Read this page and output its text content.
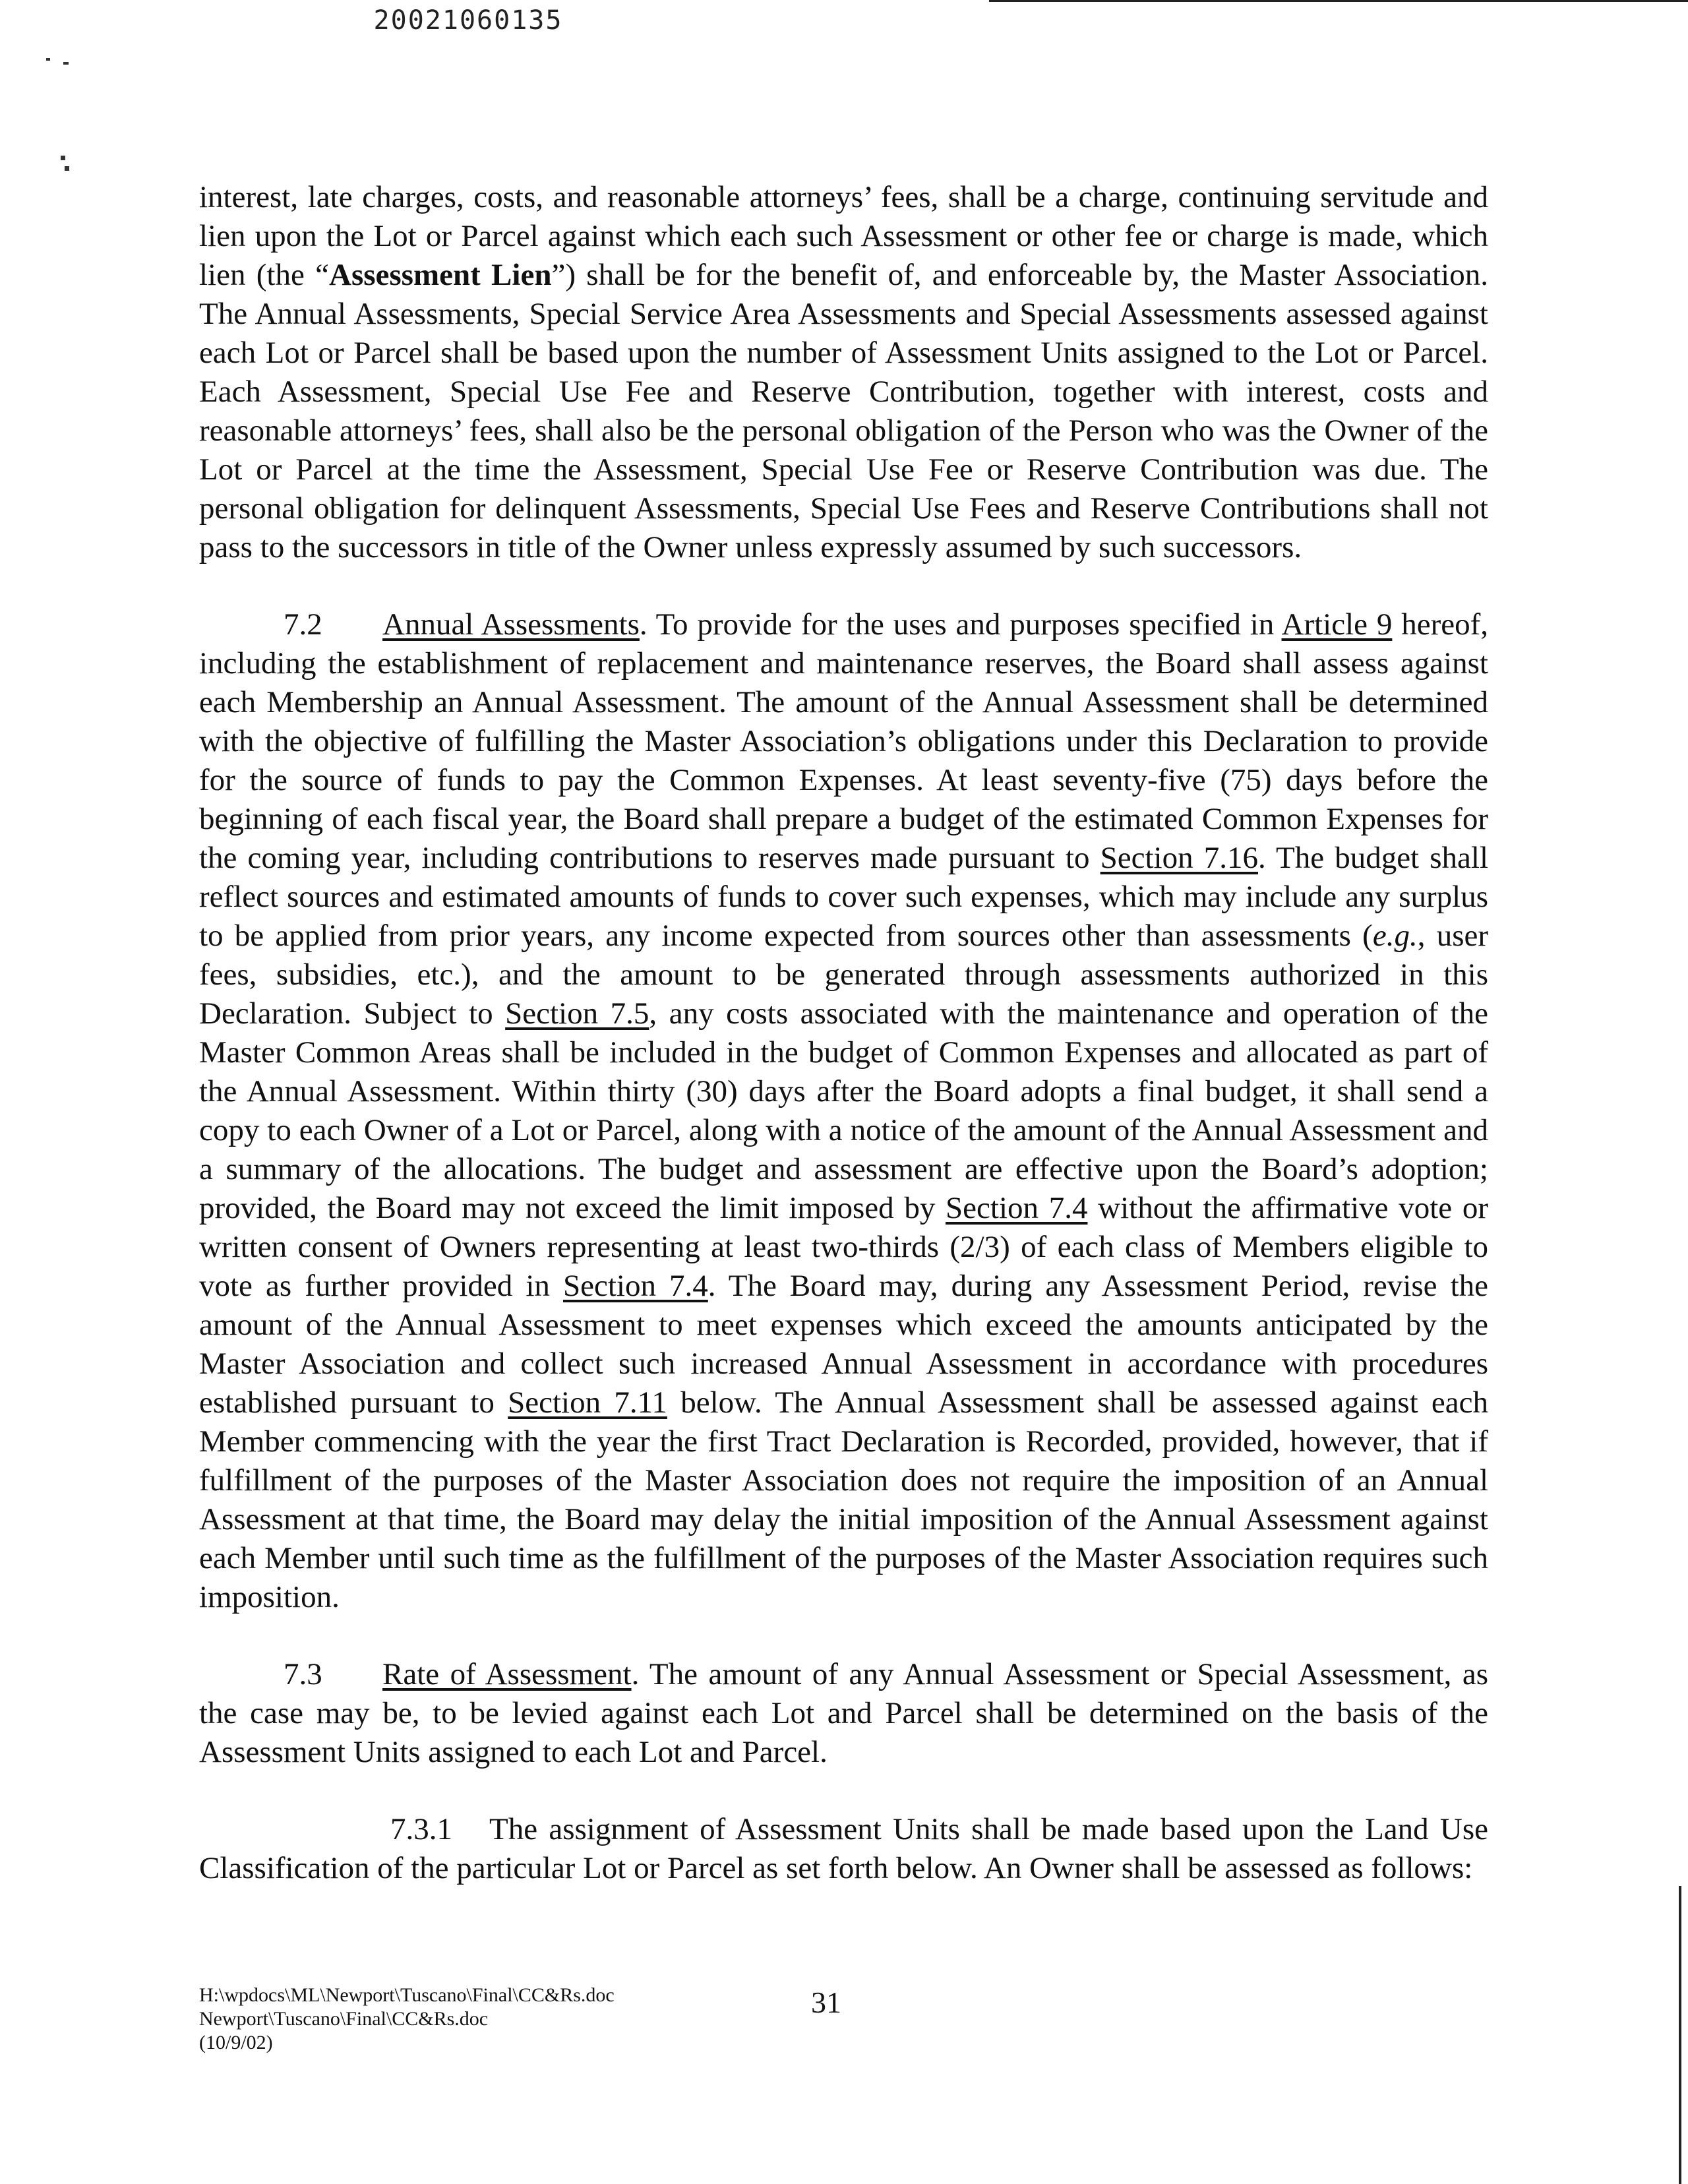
20021060135

interest, late charges, costs, and reasonable attorneys’ fees, shall be a charge, continuing servitude and lien upon the Lot or Parcel against which each such Assessment or other fee or charge is made, which lien (the “Assessment Lien”) shall be for the benefit of, and enforceable by, the Master Association. The Annual Assessments, Special Service Area Assessments and Special Assessments assessed against each Lot or Parcel shall be based upon the number of Assessment Units assigned to the Lot or Parcel. Each Assessment, Special Use Fee and Reserve Contribution, together with interest, costs and reasonable attorneys’ fees, shall also be the personal obligation of the Person who was the Owner of the Lot or Parcel at the time the Assessment, Special Use Fee or Reserve Contribution was due. The personal obligation for delinquent Assessments, Special Use Fees and Reserve Contributions shall not pass to the successors in title of the Owner unless expressly assumed by such successors.

7.2 Annual Assessments. To provide for the uses and purposes specified in Article 9 hereof, including the establishment of replacement and maintenance reserves, the Board shall assess against each Membership an Annual Assessment. The amount of the Annual Assessment shall be determined with the objective of fulfilling the Master Association’s obligations under this Declaration to provide for the source of funds to pay the Common Expenses. At least seventy-five (75) days before the beginning of each fiscal year, the Board shall prepare a budget of the estimated Common Expenses for the coming year, including contributions to reserves made pursuant to Section 7.16. The budget shall reflect sources and estimated amounts of funds to cover such expenses, which may include any surplus to be applied from prior years, any income expected from sources other than assessments (e.g., user fees, subsidies, etc.), and the amount to be generated through assessments authorized in this Declaration. Subject to Section 7.5, any costs associated with the maintenance and operation of the Master Common Areas shall be included in the budget of Common Expenses and allocated as part of the Annual Assessment. Within thirty (30) days after the Board adopts a final budget, it shall send a copy to each Owner of a Lot or Parcel, along with a notice of the amount of the Annual Assessment and a summary of the allocations. The budget and assessment are effective upon the Board’s adoption; provided, the Board may not exceed the limit imposed by Section 7.4 without the affirmative vote or written consent of Owners representing at least two-thirds (2/3) of each class of Members eligible to vote as further provided in Section 7.4. The Board may, during any Assessment Period, revise the amount of the Annual Assessment to meet expenses which exceed the amounts anticipated by the Master Association and collect such increased Annual Assessment in accordance with procedures established pursuant to Section 7.11 below. The Annual Assessment shall be assessed against each Member commencing with the year the first Tract Declaration is Recorded, provided, however, that if fulfillment of the purposes of the Master Association does not require the imposition of an Annual Assessment at that time, the Board may delay the initial imposition of the Annual Assessment against each Member until such time as the fulfillment of the purposes of the Master Association requires such imposition.

7.3 Rate of Assessment. The amount of any Annual Assessment or Special Assessment, as the case may be, to be levied against each Lot and Parcel shall be determined on the basis of the Assessment Units assigned to each Lot and Parcel.

7.3.1 The assignment of Assessment Units shall be made based upon the Land Use Classification of the particular Lot or Parcel as set forth below. An Owner shall be assessed as follows:

H:\wpdocs\ML\Newport\Tuscano\Final\CC&Rs.doc
Newport\Tuscano\Final\CC&Rs.doc
(10/9/02)
31
